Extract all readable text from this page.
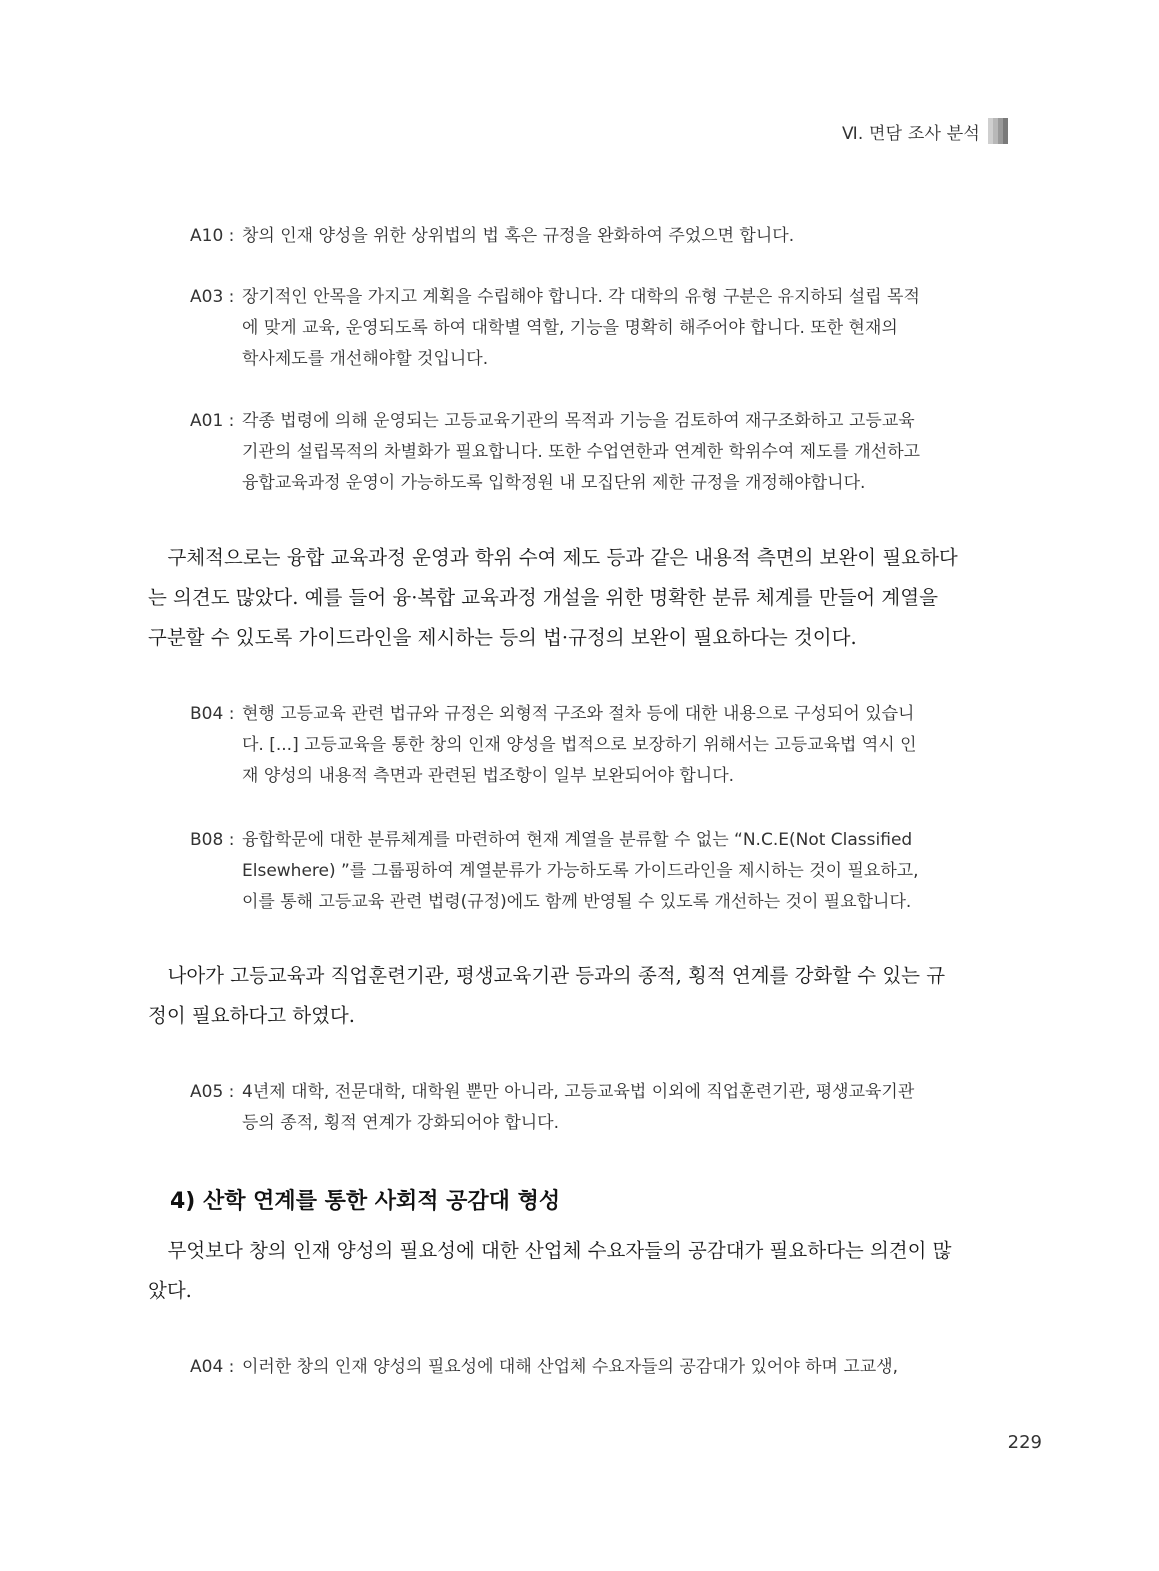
Ⅵ. 면담 조사 분석
A10 : 창의 인재 양성을 위한 상위법의 법 혹은 규정을 완화하여 주었으면 합니다.
A03 : 장기적인 안목을 가지고 계획을 수립해야 합니다. 각 대학의 유형 구분은 유지하되 설립 목적
에 맞게 교육, 운영되도록 하여 대학별 역할, 기능을 명확히 해주어야 합니다. 또한 현재의
학사제도를 개선해야할 것입니다.
A01 : 각종 법령에 의해 운영되는 고등교육기관의 목적과 기능을 검토하여 재구조화하고 고등교육
기관의 설립목적의 차별화가 필요합니다. 또한 수업연한과 연계한 학위수여 제도를 개선하고
융합교육과정 운영이 가능하도록 입학정원 내 모집단위 제한 규정을 개정해야합니다.
　구체적으로는 융합 교육과정 운영과 학위 수여 제도 등과 같은 내용적 측면의 보완이 필요하다
는 의견도 많았다. 예를 들어 융·복합 교육과정 개설을 위한 명확한 분류 체계를 만들어 계열을
구분할 수 있도록 가이드라인을 제시하는 등의 법·규정의 보완이 필요하다는 것이다.
B04 : 현행 고등교육 관련 법규와 규정은 외형적 구조와 절차 등에 대한 내용으로 구성되어 있습니
다. [...] 고등교육을 통한 창의 인재 양성을 법적으로 보장하기 위해서는 고등교육법 역시 인
재 양성의 내용적 측면과 관련된 법조항이 일부 보완되어야 합니다.
B08 : 융합학문에 대한 분류체계를 마련하여 현재 계열을 분류할 수 없는 “N.C.E(Not Classified
Elsewhere) ”를 그룹핑하여 계열분류가 가능하도록 가이드라인을 제시하는 것이 필요하고,
이를 통해 고등교육 관련 법령(규정)에도 함께 반영될 수 있도록 개선하는 것이 필요합니다.
　나아가 고등교육과 직업훈련기관, 평생교육기관 등과의 종적, 횡적 연계를 강화할 수 있는 규
정이 필요하다고 하였다.
A05 : 4년제 대학, 전문대학, 대학원 뿐만 아니라, 고등교육법 이외에 직업훈련기관, 평생교육기관
등의 종적, 횡적 연계가 강화되어야 합니다.
4) 산학 연계를 통한 사회적 공감대 형성
　무엇보다 창의 인재 양성의 필요성에 대한 산업체 수요자들의 공감대가 필요하다는 의견이 많
았다.
A04 : 이러한 창의 인재 양성의 필요성에 대해 산업체 수요자들의 공감대가 있어야 하며 고교생,
229
